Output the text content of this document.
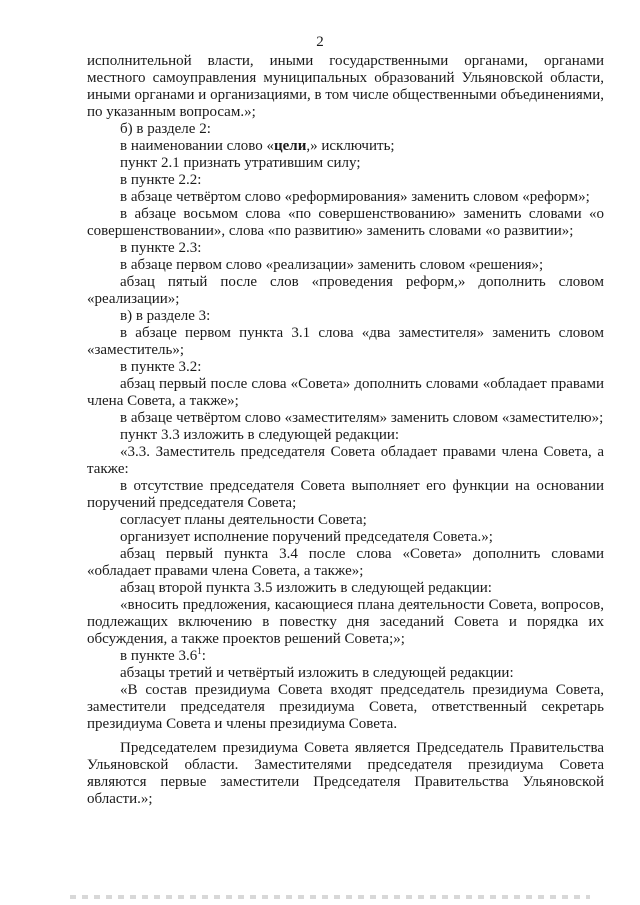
2

исполнительной власти, иными государственными органами, органами местного самоуправления муниципальных образований Ульяновской области, иными органами и организациями, в том числе общественными объединениями, по указанным вопросам.»;

б) в разделе 2:

в наименовании слово «цели,» исключить;

пункт 2.1 признать утратившим силу;

в пункте 2.2:

в абзаце четвёртом слово «реформирования» заменить словом «реформ»;

в абзаце восьмом слова «по совершенствованию» заменить словами «о совершенствовании», слова «по развитию» заменить словами «о развитии»;

в пункте 2.3:

в абзаце первом слово «реализации» заменить словом «решения»;

абзац пятый после слов «проведения реформ,» дополнить словом «реализации»;

в) в разделе 3:

в абзаце первом пункта 3.1 слова «два заместителя» заменить словом «заместитель»;

в пункте 3.2:

абзац первый после слова «Совета» дополнить словами «обладает правами члена Совета, а также»;

в абзаце четвёртом слово «заместителям» заменить словом «заместителю»;

пункт 3.3 изложить в следующей редакции:

«3.3. Заместитель председателя Совета обладает правами члена Совета, а также:

в отсутствие председателя Совета выполняет его функции на основании поручений председателя Совета;

согласует планы деятельности Совета;

организует исполнение поручений председателя Совета.»;

абзац первый пункта 3.4 после слова «Совета» дополнить словами «обладает правами члена Совета, а также»;

абзац второй пункта 3.5 изложить в следующей редакции:

«вносить предложения, касающиеся плана деятельности Совета, вопросов, подлежащих включению в повестку дня заседаний Совета и порядка их обсуждения, а также проектов решений Совета;»;

в пункте $3.6^1$:

абзацы третий и четвёртый изложить в следующей редакции:

«В состав президиума Совета входят председатель президиума Совета, заместители председателя президиума Совета, ответственный секретарь президиума Совета и члены президиума Совета.

Председателем президиума Совета является Председатель Правительства Ульяновской области. Заместителями председателя президиума Совета являются первые заместители Председателя Правительства Ульяновской области.»;
